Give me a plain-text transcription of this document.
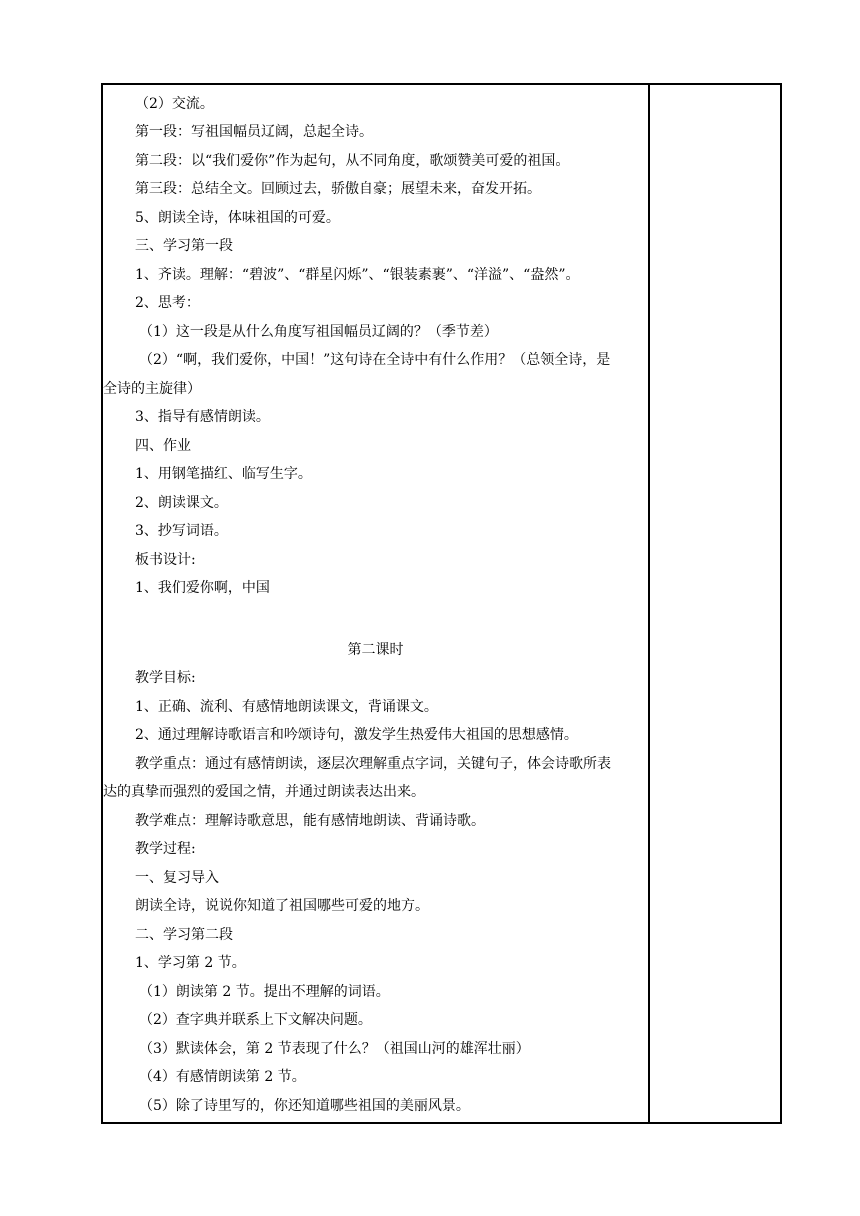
（2）交流。
第一段：写祖国幅员辽阔，总起全诗。
第二段：以“我们爱你”作为起句，从不同角度，歌颂赞美可爱的祖国。
第三段：总结全文。回顾过去，骄傲自豪；展望未来，奋发开拓。
5、朗读全诗，体味祖国的可爱。
三、学习第一段
1、齐读。理解：“碧波”、“群星闪烁”、“银装素裹”、“洋溢”、“盎然”。
2、思考：
（1）这一段是从什么角度写祖国幅员辽阔的？（季节差）
（2）“啊，我们爱你，中国！”这句诗在全诗中有什么作用？（总领全诗，是
全诗的主旋律）
3、指导有感情朗读。
四、作业
1、用钢笔描红、临写生字。
2、朗读课文。
3、抄写词语。
板书设计:
1、我们爱你啊，中国
第二课时
教学目标:
1、正确、流利、有感情地朗读课文，背诵课文。
2、通过理解诗歌语言和吟颂诗句，激发学生热爱伟大祖国的思想感情。
教学重点：通过有感情朗读，逐层次理解重点字词，关键句子，体会诗歌所表
达的真挚而强烈的爱国之情，并通过朗读表达出来。
教学难点：理解诗歌意思，能有感情地朗读、背诵诗歌。
教学过程:
一、复习导入
朗读全诗，说说你知道了祖国哪些可爱的地方。
二、学习第二段
1、学习第 2 节。
（1）朗读第 2 节。提出不理解的词语。
（2）查字典并联系上下文解决问题。
（3）默读体会，第 2 节表现了什么？（祖国山河的雄浑壮丽）
（4）有感情朗读第 2 节。
（5）除了诗里写的，你还知道哪些祖国的美丽风景。
